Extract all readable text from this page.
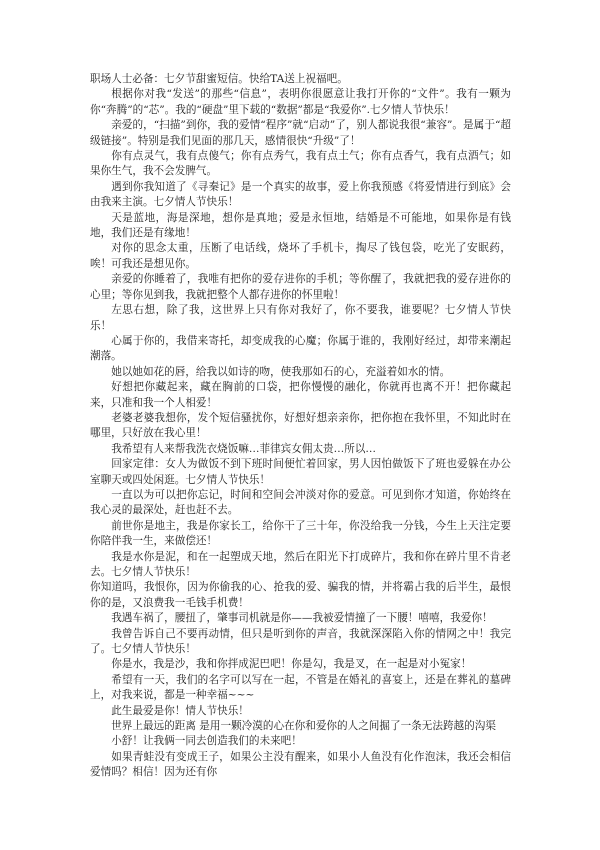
职场人士必备：七夕节甜蜜短信。快给TA送上祝福吧。

根据你对我“发送”的那些“信息”，表明你很愿意让我打开你的“文件”。我有一颗为你“奔腾”的“芯”。我的“硬盘”里下载的“数据”都是“我爱你”.七夕情人节快乐！

亲爱的，“扫描”到你，我的爱情“程序”就“启动”了，别人都说我很“兼容”。是属于“超级链接”。特别是我们见面的那几天，感情很快“升级”了！

你有点灵气，我有点傻气；你有点秀气，我有点土气；你有点香气，我有点酒气；如果你生气，我不会发脾气。

遇到你我知道了《寻秦记》是一个真实的故事，爱上你我预感《将爱情进行到底》会由我来主演。七夕情人节快乐！

天是蓝地，海是深地，想你是真地；爱是永恒地，结婚是不可能地，如果你是有钱地，我们还是有缘地！

对你的思念太重，压断了电话线，烧坏了手机卡，掏尽了钱包袋，吃光了安眠药，唉！可我还是想见你。

亲爱的你睡着了，我唯有把你的爱存进你的手机；等你醒了，我就把我的爱存进你的心里；等你见到我，我就把整个人都存进你的怀里啦！

左思右想，除了我，这世界上只有你对我好了，你不要我，谁要呢？七夕情人节快乐！

心属于你的，我借来寄托，却变成我的心魔；你属于谁的，我刚好经过，却带来潮起潮落。

她以她如花的唇，给我以如诗的吻，使我那如石的心，充溢着如水的情。

好想把你藏起来，藏在胸前的口袋，把你慢慢的融化，你就再也离不开！把你藏起来，只准和我一个人相爱！

老婆老婆我想你，发个短信骚扰你，好想好想亲亲你，把你抱在我怀里，不知此时在哪里，只好放在我心里！

我希望有人来帮我洗衣烧饭嘛…菲律宾女佣太贵…所以…

回家定律：女人为做饭不到下班时间便忙着回家，男人因怕做饭下了班也爱躲在办公室聊天或四处闲逛。七夕情人节快乐！

一直以为可以把你忘记，时间和空间会冲淡对你的爱意。可见到你才知道，你始终在我心灵的最深处，赶也赶不去。

前世你是地主，我是你家长工，给你干了三十年，你没给我一分钱，今生上天注定要你陪伴我一生，来做偿还！

我是水你是泥，和在一起塑成天地，然后在阳光下打成碎片，我和你在碎片里不肯老去。七夕情人节快乐！

你知道吗，我恨你，因为你偷我的心、抢我的爱、骗我的情，并将霸占我的后半生，最恨你的是，又浪费我一毛钱手机费！

我遇车祸了，腰扭了，肇事司机就是你——我被爱情撞了一下腰！嘻嘻，我爱你！

我曾告诉自己不要再动情，但只是听到你的声音，我就深深陷入你的情网之中！我完了。七夕情人节快乐！

你是水，我是沙，我和你拌成泥巴吧！你是勾，我是叉，在一起是对小冤家！

希望有一天，我们的名字可以写在一起，不管是在婚礼的喜宴上，还是在葬礼的墓碑上，对我来说，都是一种幸福~~~

此生最爱是你！情人节快乐！

世界上最远的距离 是用一颗冷漠的心在你和爱你的人之间掘了一条无法跨越的沟渠

小舒！让我俩一同去创造我们的未来吧！

如果青蛙没有变成王子，如果公主没有醒来，如果小人鱼没有化作泡沫，我还会相信爱情吗？相信！因为还有你
